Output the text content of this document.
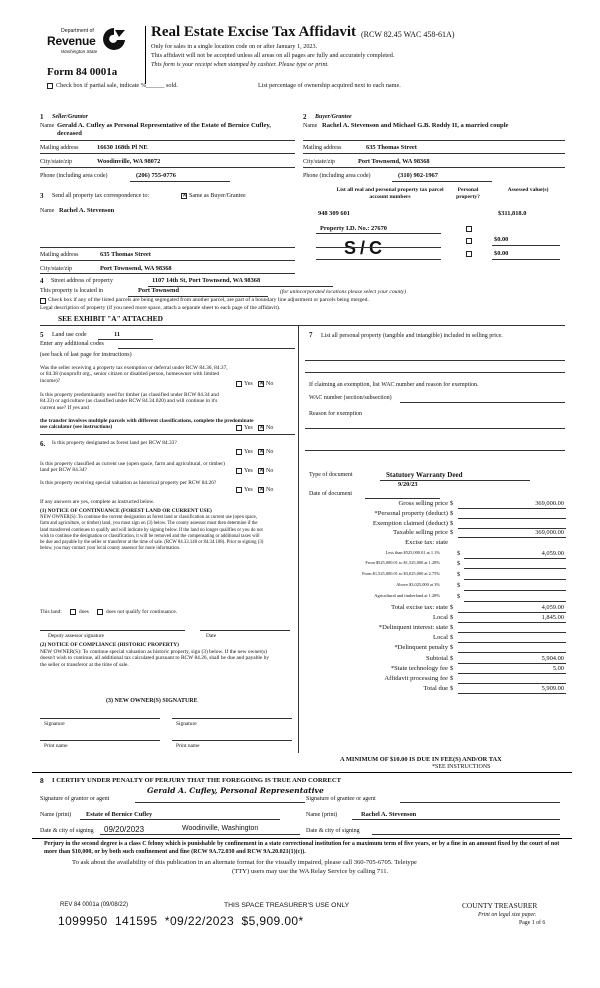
Department of
Revenue
Washington State
Real Estate Excise Tax Affidavit (RCW 82.45 WAC 458-61A)
Only for sales in a single location code on or after January 1, 2023.
This affidavit will not be accepted unless all areas on all pages are fully and accurately completed.
This form is your receipt when stamped by cashier. Please type or print.
Form 84 0001a
Check box if partial sale, indicate %______ sold.	List percentage of ownership acquired next to each name.
1 Seller/Grantor
Name Gerald A. Cufley as Personal Representative of the Estate of Bernice Cufley, deceased
Mailing address	16630 168th Pl NE
City/state/zip	Woodinville, WA 98072
Phone (including area code)	(206) 755-0776
2 Buyer/Grantee
Name Rachel A. Stevenson and Michael G.B. Roddy II, a married couple
Mailing address	635 Thomas Street
City/state/zip	Port Townsend, WA 98368
Phone (including area code)	(310) 902-1967
List all real and personal property tax parcel account numbers
Personal property?
Assessed value(s)
948 309 601	$311,818.0
Property I.D. No.: 27670
S/C	$0.00
$0.00
3 Send all property tax correspondence to:	✕ Same as Buyer/Grantee
Name Rachel A. Stevenson
Mailing address	635 Thomas Street
City/state/zip	Port Townsend, WA 98368
4 Street address of property	1107 14th St, Port Townsend, WA 98368
This property is located in	Port Townsend	(for unincorporated locations please select your county)
Check box if any of the listed parcels are being segregated from another parcel, are part of a boundary line adjustment or parcels being merged.
Legal description of property (if you need more space, attach a separate sheet to each page of the affidavit).
SEE EXHIBIT "A" ATTACHED
5 Land use code	11
Enter any additional codes
(see back of last page for instructions)
Was the seller receiving a property tax exemption or deferral under RCW 84.36, 84.37, or 84.38 (nonprofit org., senior citizen or disabled person, homeowner with limited income)?
Yes ✕ No
Is this property predominantly used for timber (as classified under RCW 84.34 and 84.33) or agriculture (as classified under RCW 84.34.020) and will continue in it's current use? If yes and
the transfer involves multiple parcels with different classifications, complete the predominate use calculator (see instructions)	Yes ✕ No
6. Is this property designated as forest land per RCW 84.33?
Yes ✕ No
Is this property classified as current use (open space, farm and agricultural, or timber) land per RCW 84.34?	Yes ✕ No
Is this property receiving special valuation as historical property per RCW 84.26?
Yes ✕ No
If any answers are yes, complete as instructed below.
(1) NOTICE OF CONTINUANCE (FOREST LAND OR CURRENT USE)
NEW OWNER(S): To continue the current designation as forest land or classification as current use (open space, farm and agriculture, or timber) land, you must sign on (3) below. The county assessor must then determine if the land transferred continues to qualify and will indicate by signing below. If the land no longer qualifies or you do not wish to continue the designation or classification, it will be removed and the compensating or additional taxes will be due and payable by the seller or transferor at the time of sale. (RCW 84.33.140 or 84.34.108). Prior to signing (3) below, you may contact your local county assessor for more information.
This land:	does	does not qualify for continuance.
Deputy assessor signature	Date
(2) NOTICE OF COMPLIANCE (HISTORIC PROPERTY)
NEW OWNER(S): To continue special valuation as historic property, sign (3) below. If the new owner(s) doesn't wish to continue, all additional tax calculated pursuant to RCW 84.26, shall be due and payable by the seller or transferor at the time of sale.
(3) NEW OWNER(S) SIGNATURE
Signature	Signature
Print name	Print name
7	List all personal property (tangible and intangible) included in selling price.
If claiming an exemption, list WAC number and reason for exemption.
WAC number (section/subsection)
Reason for exemption
Type of document	Statutory Warranty Deed
9/20/23
Date of document
Gross selling price $	369,000.00
*Personal property (deduct) $
Exemption claimed (deduct) $
Taxable selling price $	369,000.00
Excise tax: state
Less than $525,000.01 at 1.1%	$	4,059.00
From $525,000.01 to $1,525,000 at 1.28%	$
From $1,525,000.01 to $3,025,000 at 2.75%	$
Above $3,025,000 at 3%	$
Agricultural and timberland at 1.28%	$
Total excise tax: state $	4,059.00
Local $	1,845.00
*Delinquent interest: state $
Local $
*Delinquent penalty $
Subtotal $	5,904.00
*State technology fee $	5.00
Affidavit processing fee $
Total due $	5,909.00
A MINIMUM OF $10.00 IS DUE IN FEE(S) AND/OR TAX
*SEE INSTRUCTIONS
8 I CERTIFY UNDER PENALTY OF PERJURY THAT THE FOREGOING IS TRUE AND CORRECT
Signature of grantor or agent
Gerald A. Cufley, Personal Representative
Signature of grantee or agent
Name (print) Estate of Bernice Cufley	Name (print)	Rachel A. Stevenson
Date & city of signing 09/20/2023	Woodinville, Washington	Date & city of signing
Perjury in the second degree is a class C felony which is punishable by confinement in a state correctional institution for a maximum term of five years, or by a fine in an amount fixed by the court of not more than $10,000, or by both such confinement and fine (RCW 9A.72.030 and RCW 9A.20.021(1)(c)).
To ask about the availability of this publication in an alternate format for the visually impaired, please call 360-705-6705. Teletype
(TTY) users may use the WA Relay Service by calling 711.
REV 84 0001a (09/08/22)	THIS SPACE TREASURER'S USE ONLY	COUNTY TREASURER
1099950  141595  *09/22/2023  $5,909.00*	Print on legal size paper.
Page 1 of 6
